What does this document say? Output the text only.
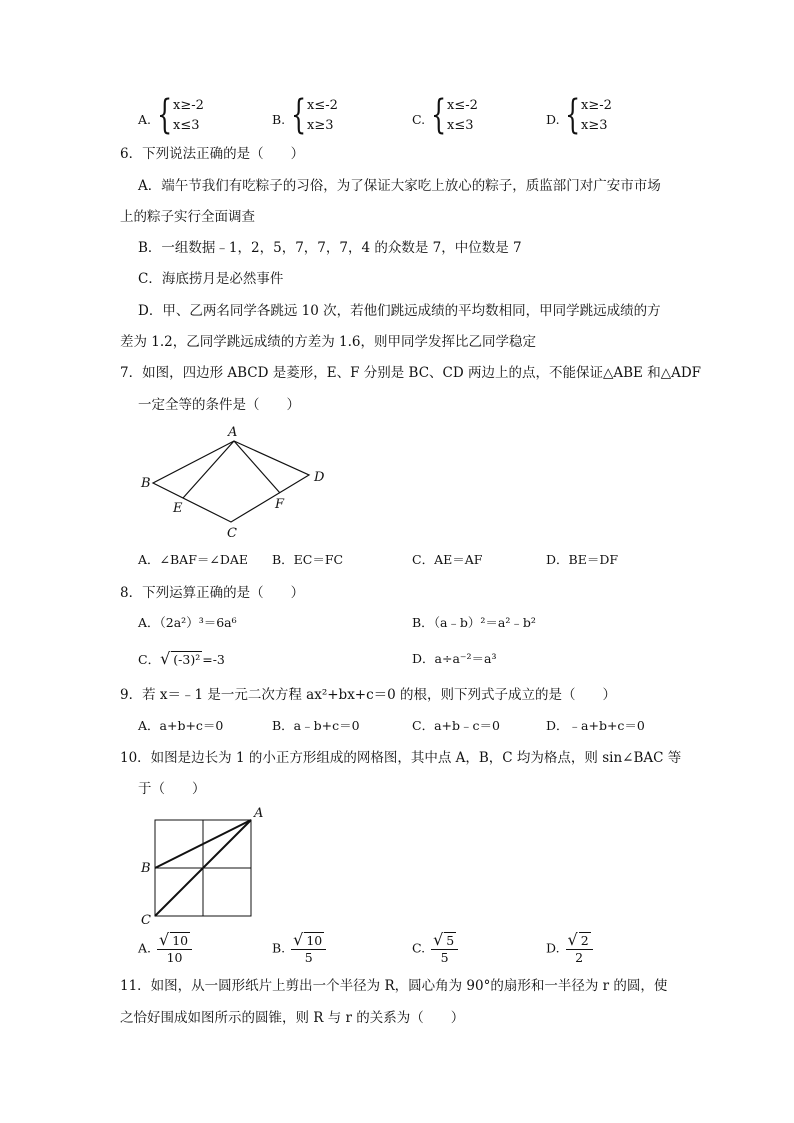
A. { x≥-2
x≤3	B. { x≤-2
x≥3	C. { x≤-2
x≤3	D. { x≥-2
x≥3
6．下列说法正确的是（　　）
A．端午节我们有吃粽子的习俗，为了保证大家吃上放心的粽子，质监部门对广安市市场
上的粽子实行全面调查
B．一组数据﹣1，2，5，7，7，7，4 的众数是 7，中位数是 7
C．海底捞月是必然事件
D．甲、乙两名同学各跳远 10 次，若他们跳远成绩的平均数相同，甲同学跳远成绩的方
差为 1.2，乙同学跳远成绩的方差为 1.6，则甲同学发挥比乙同学稳定
7．如图，四边形 ABCD 是菱形，E、F 分别是 BC、CD 两边上的点，不能保证△ABE 和△ADF
一定全等的条件是（　　）
A
B
C
D
E	F
A．∠BAF＝∠DAE B．EC＝FC	C．AE＝AF	D．BE＝DF
8．下列运算正确的是（　　）
A．（2a²）³＝6a⁶	B．（a﹣b）²＝a²﹣b²
C．√ (-3)² =-3	D．a÷a⁻²＝a³
9．若 x＝﹣1 是一元二次方程 ax²+bx+c＝0 的根，则下列式子成立的是（　　）
A．a+b+c＝0	B．a﹣b+c＝0	C．a+b﹣c＝0	D．﹣a+b+c＝0
10．如图是边长为 1 的小正方形组成的网格图，其中点 A，B，C 均为格点，则 sin∠BAC 等
于（　　）
A
B
C
A. $\frac{√ 10}{10}$	B. $\frac{√ 10}{5}$	C. $\frac{√ 5}{5}$	D. $\frac{√ 2}{2}$
11．如图，从一圆形纸片上剪出一个半径为 R，圆心角为 90°的扇形和一半径为 r 的圆，使
之恰好围成如图所示的圆锥，则 R 与 r 的关系为（　　）
